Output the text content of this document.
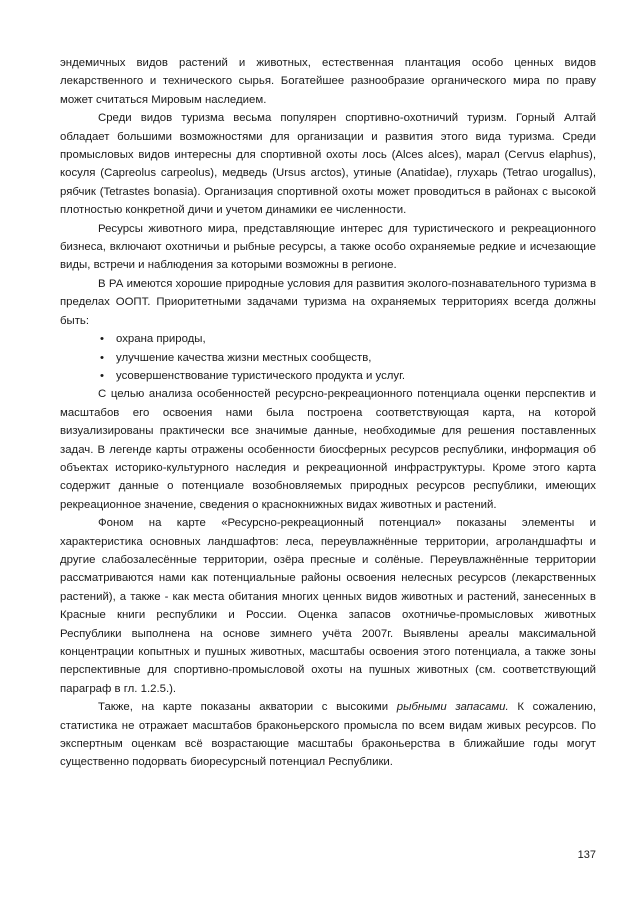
эндемичных видов растений и животных, естественная плантация особо ценных видов лекарственного и технического сырья. Богатейшее разнообразие органического мира по праву может считаться Мировым наследием.

Среди видов туризма весьма популярен спортивно-охотничий туризм. Горный Алтай обладает большими возможностями для организации и развития этого вида туризма. Среди промысловых видов интересны для спортивной охоты лось (Alces alces), марал (Cervus elaphus), косуля (Capreolus carpeolus), медведь (Ursus arctos), утиные (Anatidae), глухарь (Tetrao urogallus), рябчик (Tetrastes bonasia). Организация спортивной охоты может проводиться в районах с высокой плотностью конкретной дичи и учетом динамики ее численности.

Ресурсы животного мира, представляющие интерес для туристического и рекреационного бизнеса, включают охотничьи и рыбные ресурсы, а также особо охраняемые редкие и исчезающие виды, встречи и наблюдения за которыми возможны в регионе.

В РА имеются хорошие природные условия для развития эколого-познавательного туризма в пределах ООПТ. Приоритетными задачами туризма на охраняемых территориях всегда должны быть:

• охрана природы,
• улучшение качества жизни местных сообществ,
• усовершенствование туристического продукта и услуг.

С целью анализа особенностей ресурсно-рекреационного потенциала оценки перспектив и масштабов его освоения нами была построена соответствующая карта, на которой визуализированы практически все значимые данные, необходимые для решения поставленных задач. В легенде карты отражены особенности биосферных ресурсов республики, информация об объектах историко-культурного наследия и рекреационной инфраструктуры. Кроме этого карта содержит данные о потенциале возобновляемых природных ресурсов республики, имеющих рекреационное значение, сведения о краснокнижных видах животных и растений.

Фоном на карте «Ресурсно-рекреационный потенциал» показаны элементы и характеристика основных ландшафтов: леса, переувлажнённые территории, агроландшафты и другие слабозалесённые территории, озёра пресные и солёные. Переувлажнённые территории рассматриваются нами как потенциальные районы освоения нелесных ресурсов (лекарственных растений), а также - как места обитания многих ценных видов животных и растений, занесенных в Красные книги республики и России. Оценка запасов охотничье-промысловых животных Республики выполнена на основе зимнего учёта 2007г. Выявлены ареалы максимальной концентрации копытных и пушных животных, масштабы освоения этого потенциала, а также зоны перспективные для спортивно-промысловой охоты на пушных животных (см. соответствующий параграф в гл. 1.2.5.).

Также, на карте показаны акватории с высокими рыбными запасами. К сожалению, статистика не отражает масштабов браконьерского промысла по всем видам живых ресурсов. По экспертным оценкам всё возрастающие масштабы браконьерства в ближайшие годы могут существенно подорвать биоресурсный потенциал Республики.

137
